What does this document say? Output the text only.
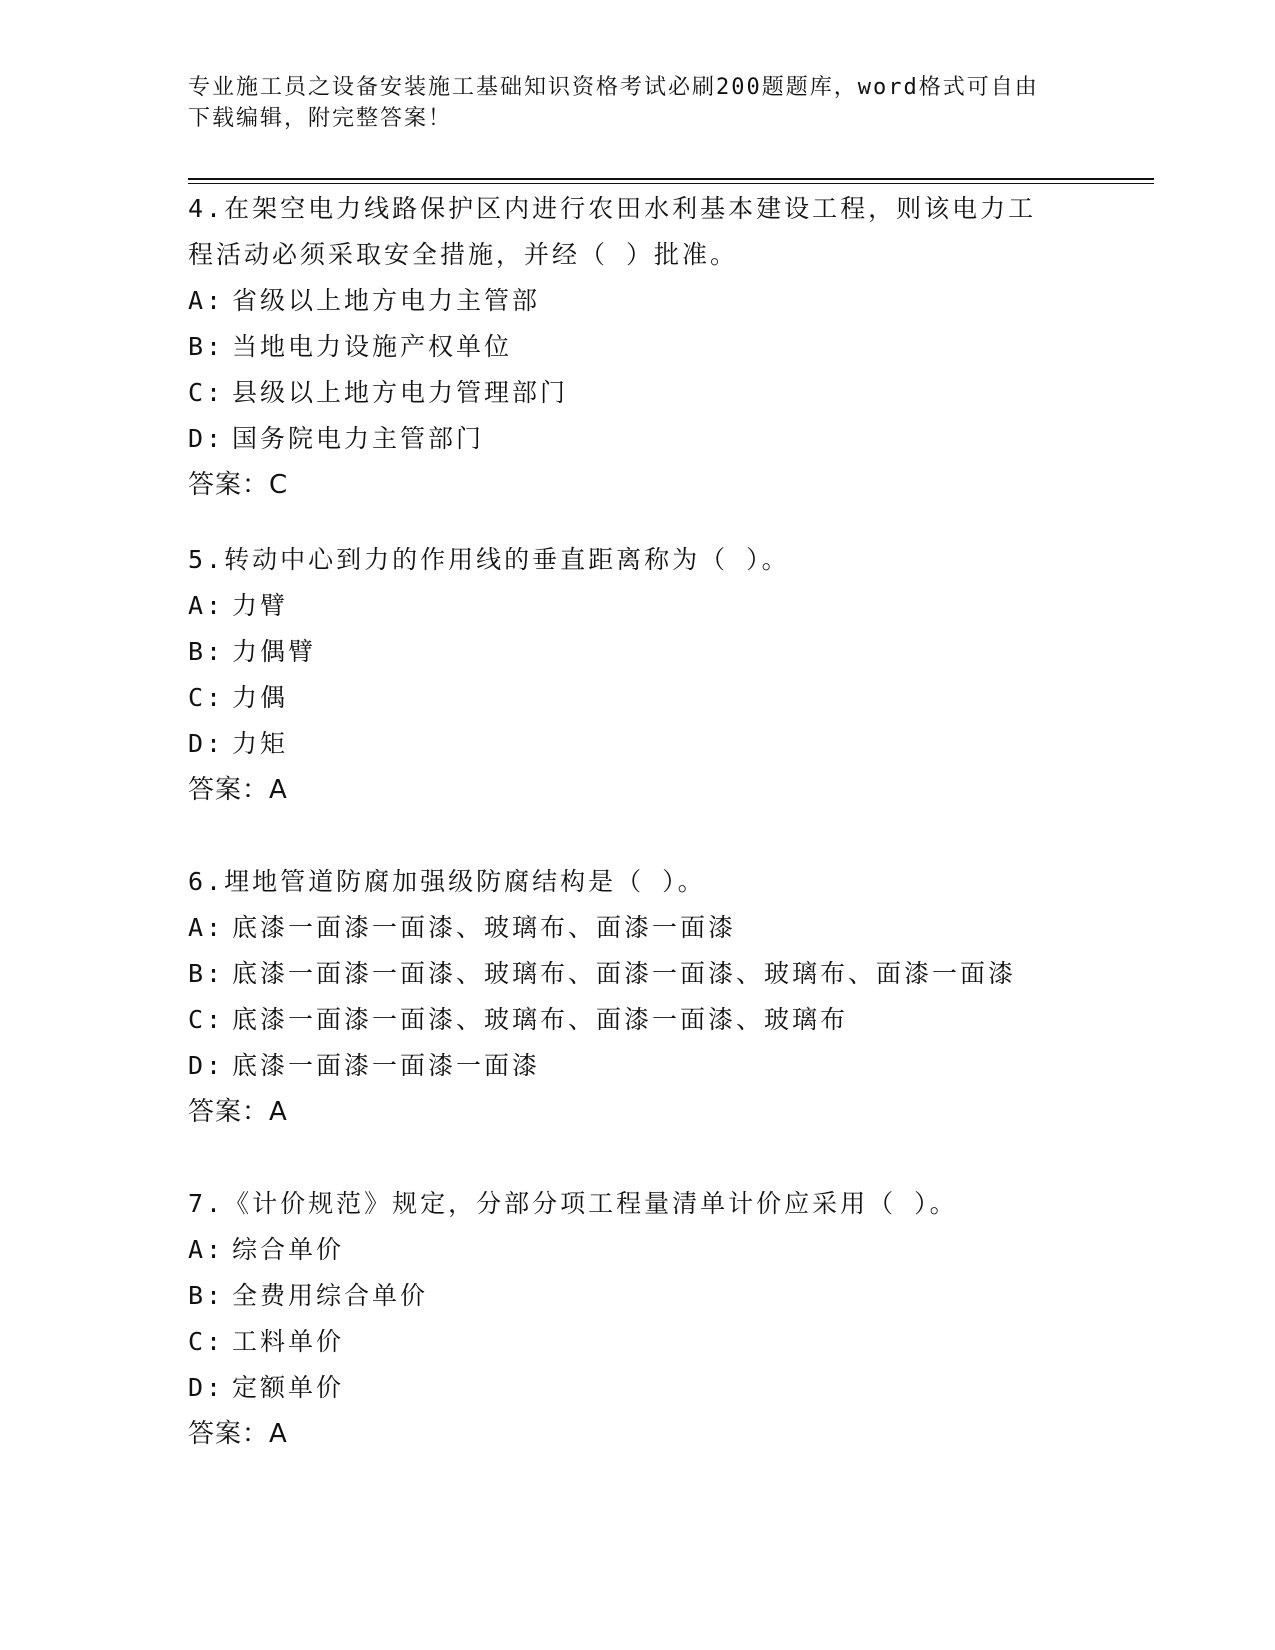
专业施工员之设备安装施工基础知识资格考试必刷200题题库，word格式可自由
下载编辑，附完整答案！
4.在架空电力线路保护区内进行农田水利基本建设工程，则该电力工
程活动必须采取安全措施，并经（ ）批准。
A: 省级以上地方电力主管部
B: 当地电力设施产权单位
C: 县级以上地方电力管理部门
D: 国务院电力主管部门
答案：C
5.转动中心到力的作用线的垂直距离称为（ ）。
A: 力臂
B: 力偶臂
C: 力偶
D: 力矩
答案：A
6.埋地管道防腐加强级防腐结构是（ ）。
A: 底漆一面漆一面漆、玻璃布、面漆一面漆
B: 底漆一面漆一面漆、玻璃布、面漆一面漆、玻璃布、面漆一面漆
C: 底漆一面漆一面漆、玻璃布、面漆一面漆、玻璃布
D: 底漆一面漆一面漆一面漆
答案：A
7.《计价规范》规定，分部分项工程量清单计价应采用（ ）。
A: 综合单价
B: 全费用综合单价
C: 工料单价
D: 定额单价
答案：A
